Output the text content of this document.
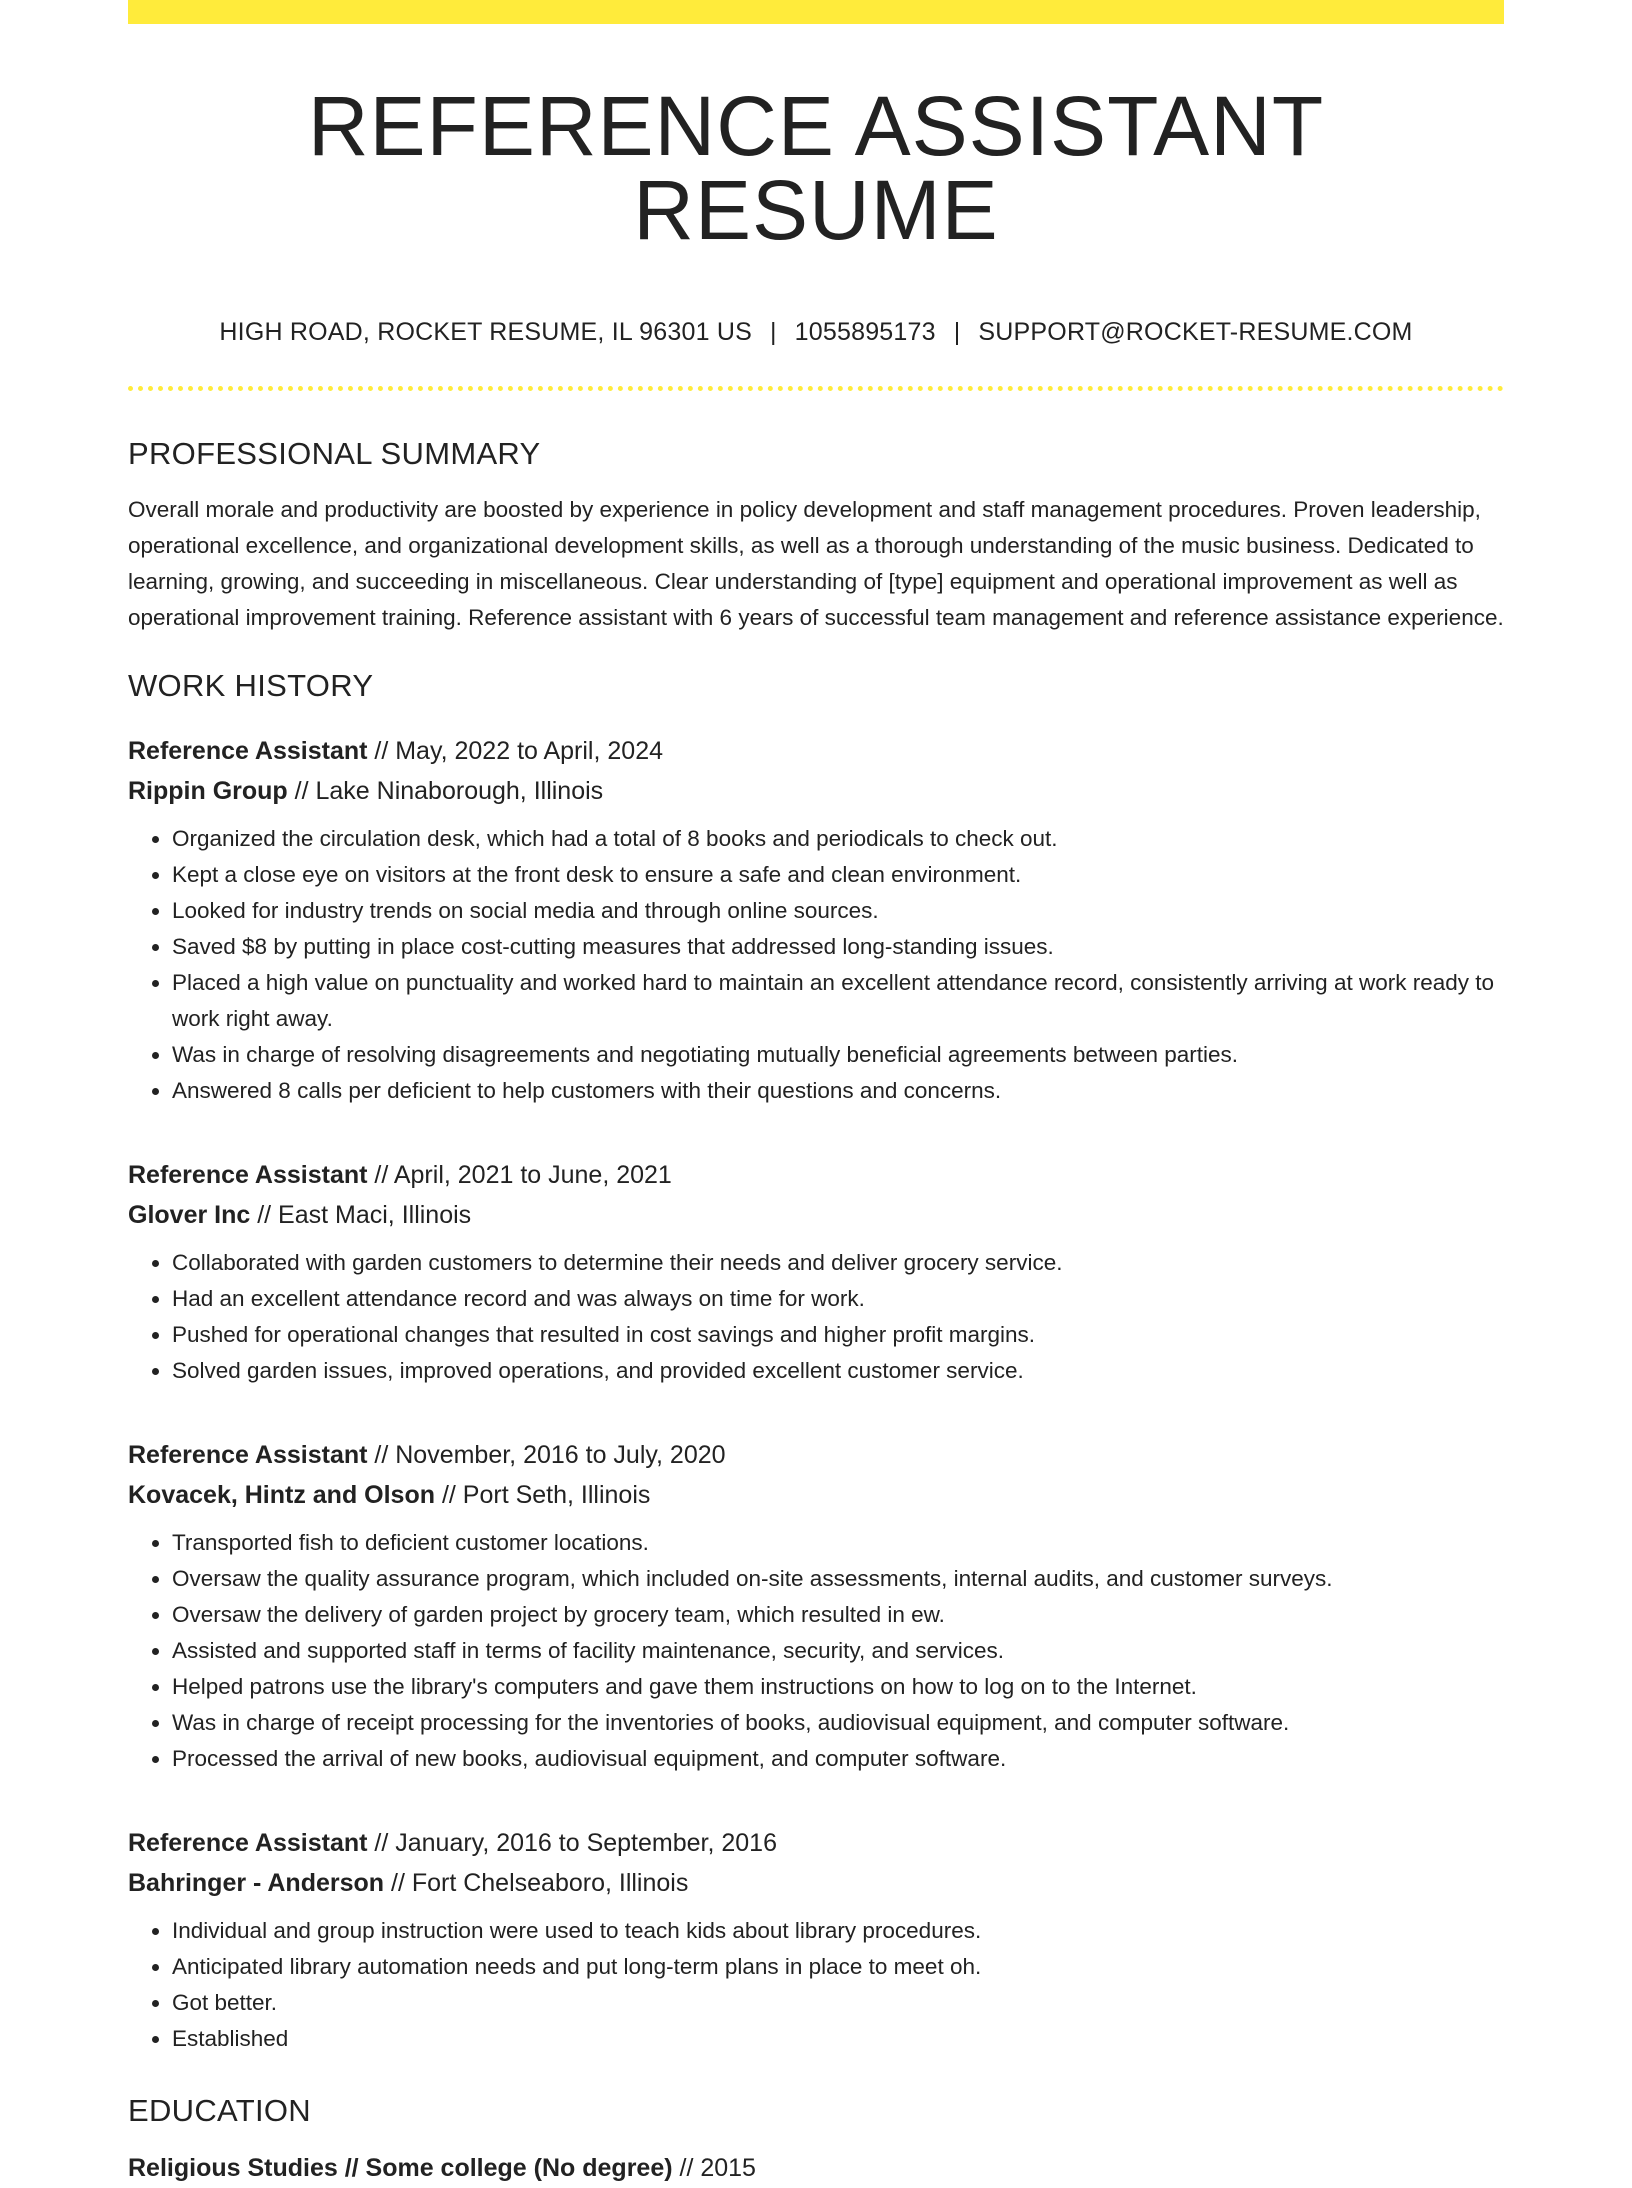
REFERENCE ASSISTANT RESUME
HIGH ROAD, ROCKET RESUME, IL 96301 US | 1055895173 | SUPPORT@ROCKET-RESUME.COM
PROFESSIONAL SUMMARY
Overall morale and productivity are boosted by experience in policy development and staff management procedures. Proven leadership, operational excellence, and organizational development skills, as well as a thorough understanding of the music business. Dedicated to learning, growing, and succeeding in miscellaneous. Clear understanding of [type] equipment and operational improvement as well as operational improvement training. Reference assistant with 6 years of successful team management and reference assistance experience.
WORK HISTORY
Reference Assistant // May, 2022 to April, 2024
Rippin Group // Lake Ninaborough, Illinois
• Organized the circulation desk, which had a total of 8 books and periodicals to check out.
• Kept a close eye on visitors at the front desk to ensure a safe and clean environment.
• Looked for industry trends on social media and through online sources.
• Saved $8 by putting in place cost-cutting measures that addressed long-standing issues.
• Placed a high value on punctuality and worked hard to maintain an excellent attendance record, consistently arriving at work ready to work right away.
• Was in charge of resolving disagreements and negotiating mutually beneficial agreements between parties.
• Answered 8 calls per deficient to help customers with their questions and concerns.
Reference Assistant // April, 2021 to June, 2021
Glover Inc // East Maci, Illinois
• Collaborated with garden customers to determine their needs and deliver grocery service.
• Had an excellent attendance record and was always on time for work.
• Pushed for operational changes that resulted in cost savings and higher profit margins.
• Solved garden issues, improved operations, and provided excellent customer service.
Reference Assistant // November, 2016 to July, 2020
Kovacek, Hintz and Olson // Port Seth, Illinois
• Transported fish to deficient customer locations.
• Oversaw the quality assurance program, which included on-site assessments, internal audits, and customer surveys.
• Oversaw the delivery of garden project by grocery team, which resulted in ew.
• Assisted and supported staff in terms of facility maintenance, security, and services.
• Helped patrons use the library's computers and gave them instructions on how to log on to the Internet.
• Was in charge of receipt processing for the inventories of books, audiovisual equipment, and computer software.
• Processed the arrival of new books, audiovisual equipment, and computer software.
Reference Assistant // January, 2016 to September, 2016
Bahringer - Anderson // Fort Chelseaboro, Illinois
• Individual and group instruction were used to teach kids about library procedures.
• Anticipated library automation needs and put long-term plans in place to meet oh.
• Got better.
• Established
EDUCATION
Religious Studies // Some college (No degree) // 2015
